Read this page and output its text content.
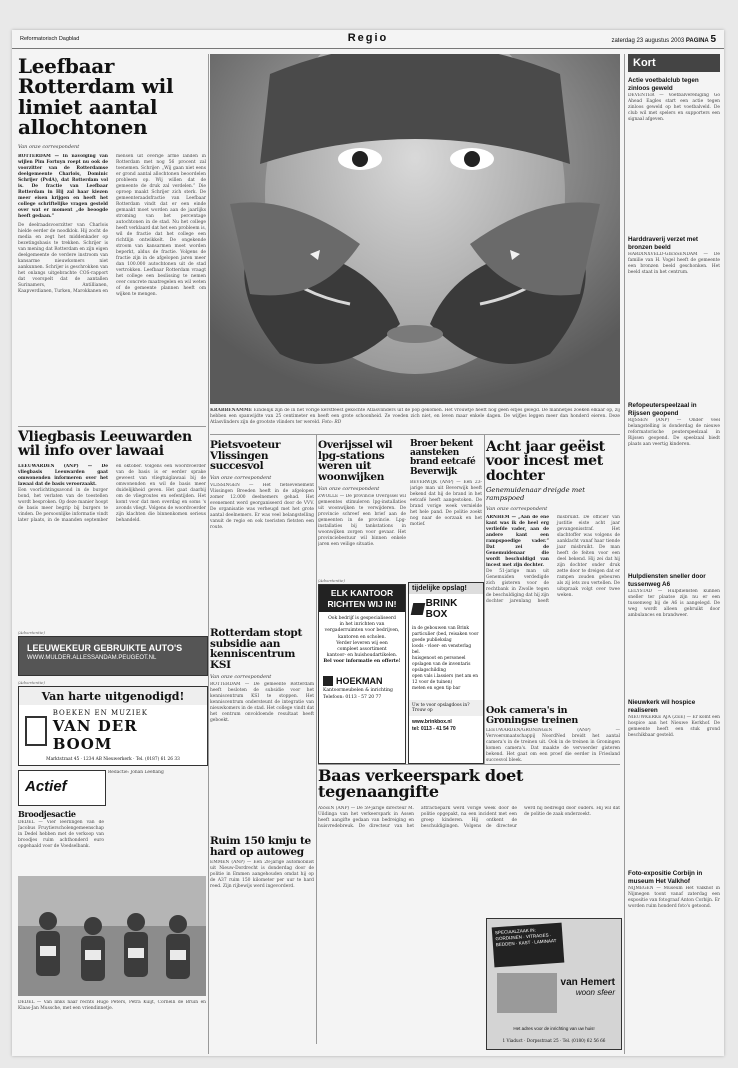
Reformatorisch Dagblad	Regio	zaterdag 23 augustus 2003 PAGINA 5
Leefbaar Rotterdam wil limiet aantal allochtonen
Van onze correspondent
ROTTERDAM — In navolging van wijlen Pim Fortuyn roept nu ook de voorzitter van de Rotterdamse deelgemeente Charlois, Dominic Schrijer (PvdA), dat Rotterdam vol is. De fractie van Leefbaar Rotterdam in Hij zal haar kiezen meer eisen krijgen en heeft het college schriftelijke vragen gesteld over wat er moment „de beoogde heeft gedaan.”
De deelraadsvoorzitter van Charlois hielde eerder de noodklok. Hij zocht de media en zegt het middenkader op bezetingsbasis te trekken. Schrijer is van mening dat Rotterdam en zijn eigen deelgemeente de verdere instroom van kansarme nieuwkomers niet aankunnen. Schrijer is geschrokken van het onlangs uitgebrachte COS-rapport dat voorspelt dat de aantallen Surinamers, Antillianen, Kaapverdianen, Turken, Marokkanen en mensen uit overige arme landen in Rotterdam met nog 56 procent zal toenemen. Schrijer: „Wij gaan niet eens er grond aantal allochtonen beoordelen probleem op. Wij willen dat de gemeente de druk zal verdelen.” Die oproep maakt Schrijer zich sterk. De gemeenteraadsfractie van Leefbaar Rotterdam vindt dat er een einde gemaakt moet worden aan de jaarlijks stroming van het percentage autochtonen in de stad. Nu het college heeft verklaard dat het een probleem is, wil de fractie dat het college een richtlijn ontwikkelt. De ongekende stroom van kansarmen moet worden beperkt, aldus de fractie. Volgens de fractie zijn in de afgelopen jaren meer dan 100.000 autochtonen uit de stad vertrokken. Leefbaar Rotterdam vraagt het college een beslissing te nemen over concrete maatregelen en wil weten of de gemeente plannen heeft om wijken te mengen.
KRABBENAMME Eindelijk zijn de in het vorige kerstfeest gekochte Atlasvlinders uit de pop gekomen. Het vrouwtje heeft nog geen eitjes gelegd. De mannetjes zoeken elkaar op, zij hebben een spanwijdte van 25 centimeter en heeft een grote schoonheid. Ze voeden zich niet, en leven maar enkele dagen. De wijfjes leggen meer dan honderd eieren. Deze Atlasvlinders zijn de grootste vlinders ter wereld. Foto: RD
Kort
Actie voetbalclub tegen zinloos geweld
DEVENTER — Voetbalvereniging Go Ahead Eagles start een actie tegen zinloos geweld op het voetbalveld. De club wil met spelers en supporters een signaal afgeven.
Harddraverij verzet met bronzen beeld
HARDINXVELD-GIESSENDAM — De familie van H. Vogel heeft de gemeente een bronzen beeld geschonken. Het beeld staat in het centrum.
Refopeuterspeelzaal in Rijssen geopend
RIJSSEN (ANP) — Onder veel belangstelling is donderdag de nieuwe reformatorische peuterspeelzaal in Rijssen geopend. De speelzaal biedt plaats aan veertig kinderen.
Hulpdiensten sneller door tussenweg A6
LELYSTAD — Hulpdiensten kunnen sneller ter plaatse zijn nu er een tussenweg bij de A6 is aangelegd. De weg wordt alleen gebruikt door ambulances en brandweer.
Nieuwkerk wil hospice realiseren
NIEUWKERKE AJA (ZEE) — Er komt een hospice aan het Nieuwe Kerkhof. De gemeente heeft een stuk grond beschikbaar gesteld.
Foto-expositie Corbijn in museum Het Valkhof
NIJMEGEN — Museum Het Valkhof in Nijmegen toont vanaf zaterdag een expositie van fotograaf Anton Corbijn. Er worden ruim honderd foto's getoond.
Vliegbasis Leeuwarden wil info over lawaai
LEEUWARDEN (ANP) — De vliegbasis Leeuwarden gaat omwonenden informeren over het lawaai dat de basis veroorzaakt.
Een voorlichtingsavond in de burger bond, het verlaten van de toestellen wordt besproken. Op deze manier hoopt de basis meer begrip bij burgers te vinden. De persoonlijke informatie vindt later plaats, in de maanden september en oktober. Volgens een woordvoerder van de basis is er eerder sprake geweest van vliegtuiglawaai bij de omwonenden en wil de basis meer duidelijkheid geven. Het gaat daarbij om de vliegroutes en oefentijden. Het komt voor dat men overdag en soms 's avonds vliegt. Volgens de woordvoerder zijn klachten die binnenkomen serieus behandeld.
Pietsvoeteur Vlissingen succesvol
Van onze correspondent
VLISSINGEN — Het fietsevenement Vlissingen Breeden heeft in de afgelopen zomer 12.000 deelnemers gehad. Het evenement werd georganiseerd door de VVV. De organisatie was verheugd met het grote aantal deelnemers. Er was veel belangstelling vanuit de regio en ook toeristen fietsten een route.
Rotterdam stopt subsidie aan kenniscentrum KSI
Van onze correspondent
ROTTERDAM — De gemeente Rotterdam heeft besloten de subsidie voor het kenniscentrum KSI te stoppen. Het kenniscentrum ondersteunt de integratie van nieuwkomers in de stad. Het college vindt dat het centrum onvoldoende resultaat heeft geboekt.
Ruim 150 kmju te hard op autoweg
EMMEN (ANP) — Een 28-jarige automobilist uit Nieuw-Dordrecht is donderdag door de politie in Emmen aangehouden omdat hij op de A37 ruim 150 kilometer per uur te hard reed. Zijn rijbewijs werd ingevorderd.
Overijssel wil lpg-stations weren uit woonwijken
Van onze correspondent
ZWOLLE — De provincie Overijssel wil gemeentes stimuleren lpg-installaties uit woonwijken te verwijderen. De provincie schreef een brief aan de gemeenten in de provincie. Lpg-installaties bij tankstations in woonwijken zorgen voor gevaar. Het provinciebestuur wil binnen enkele jaren een veilige situatie.
Broer bekent aansteken brand eetcafé Beverwijk
BEVERWIJK (ANP) — Een 23-jarige man uit Beverwijk heeft bekend dat hij de brand in het eetcafé heeft aangestoken. De brand vorige week vernielde het hele pand. De politie zoekt nog naar de oorzaak en het motief.
Acht jaar geëist voor incest met dochter
Genemuidenaar dreigde met rampspoed
Van onze correspondent
ARNHEM — „Aan de ene kant was ik de heel erg verliefde vader, aan de andere kant een rampspoedige vader.” Dat zei de Genemuidenaar die wordt beschuldigd van incest met zijn dochter.
De 51-jarige man uit Genemuiden verdedigde zich gisteren voor de rechtbank in Zwolle tegen de beschuldiging dat hij zijn dochter jarenlang heeft misbruikt. De officier van justitie eiste acht jaar gevangenisstraf. Het slachtoffer was volgens de aanklacht vanaf haar tiende jaar misbruikt. De man heeft de feiten voor een deel bekend. Hij zei dat hij zijn dochter onder druk zette door te dreigen dat er rampen zouden gebeuren als zij iets zou vertellen. De uitspraak volgt over twee weken.
(Advertentie)
ELK KANTOOR
RICHTEN WIJ IN!
Ook bedrijf is gespecialiseerd
in het inrichten van
vergaderruimten voor bedrijven,
kantoren en scholen.
Verder leveren wij een
compleet assortiment
kantoor- en huishoudartikelen.
Bel voor informatie en offerte!
HOEKMAN
Kantoormeubelen & inrichting
Telefoon: 0113 - 57 20 77
tijdelijke opslag!
BRINK BOX
in de gebouwen van Brink
particulier (bed, reisaken voor goede publiekslag
loods - vloer- en vensterlag bel.
huisgenoot en personeel
opslagen van de inventaris
opslagschilding
open vals i.lassiers (net am en 12 voor de tuinen)
meten en ogen tip bar
Uw te voor opslagdoos in? Trouw op
www.brinkbox.nl
tel: 0113 - 41 54 70
Baas verkeerspark doet tegenaangifte
ASSEN (ANP) — De 59-jarige directeur M. Uildinga van het verkeerspark in Assen heeft aangifte gedaan van bedreiging en huisvredebreuk. De directeur van het attractiepark werd vorige week door de politie opgepakt, na een incident met een groep kinderen. Hij ontkent de beschuldigingen. Volgens de directeur werd hij bedreigd door ouders. Hij wil dat de politie de zaak onderzoekt.
Ook camera's in Groningse treinen
LEEUWARDEN/GRONINGEN (ANP) — Vervoersmaatschappij NoordNed breidt het aantal camera's in de treinen uit. Ook in de treinen in Groningen komen camera's. Dat maakte de vervoerder gisteren bekend. Het gaat om een proef die eerder in Friesland succesvol bleek.
SPECIAALZAAK IN: GORDIJNEN · VITRAGES · BEDDEN · KAST · LAMINAAT
van Hemert
woon sfeer
Het adres voor de inrichting van uw huis!
1 Viaduct · Dorpsstraat 25 · Tel. (0180) 62 56 66
(Advertentie)
LEEUWEKEUR GEBRUIKTE AUTO'S
WWW.MULDER.ALLESSANDAM.PEUGEOT.NL
(Advertentie)
Van harte uitgenodigd!
BOEKEN EN MUZIEK
VAN DER BOOM
Marktstraat 45 · 1234 AB Nieuwerkerk · Tel. (0187) 61 26 33
Actief
Broodjesactie
DEDEL — Vier leerlingen van de Jacobus Fruytierscholengemeenschap in Dedel hebben met de verkoop van broodjes ruim achthonderd euro opgehaald voor de Voedselbank.
Redactie: Johan Leeflang
DEDEL — Van links naar rechts Hugo Peters, Petra Kuijt, Cornelli de Bruin en Klaas-Jan Mussche, met een vriendinnetje.
